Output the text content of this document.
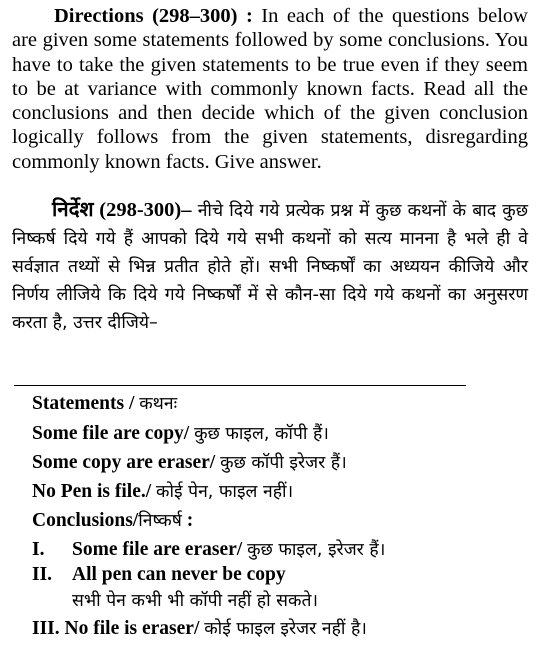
Directions (298–300) : In each of the questions below are given some statements followed by some conclusions. You have to take the given statements to be true even if they seem to be at variance with commonly known facts. Read all the conclusions and then decide which of the given conclusion logically follows from the given statements, disregarding commonly known facts. Give answer.

निर्देश (298-300)– नीचे दिये गये प्रत्येक प्रश्न में कुछ कथनों के बाद कुछ निष्कर्ष दिये गये हैं आपको दिये गये सभी कथनों को सत्य मानना है भले ही वे सर्वज्ञात तथ्यों से भिन्न प्रतीत होते हों। सभी निष्कर्षों का अध्ययन कीजिये और निर्णय लीजिये कि दिये गये निष्कर्षों में से कौन-सा दिये गये कथनों का अनुसरण करता है, उत्तर दीजिये–

Statements / कथनः
Some file are copy/ कुछ फाइल, कॉपी हैं।
Some copy are eraser/ कुछ कॉपी इरेजर हैं।
No Pen is file./ कोई पेन, फाइल नहीं।
Conclusions/निष्कर्ष :
I. Some file are eraser/ कुछ फाइल, इरेजर हैं।
II. All pen can never be copy
सभी पेन कभी भी कॉपी नहीं हो सकते।
III. No file is eraser/ कोई फाइल इरेजर नहीं है।
